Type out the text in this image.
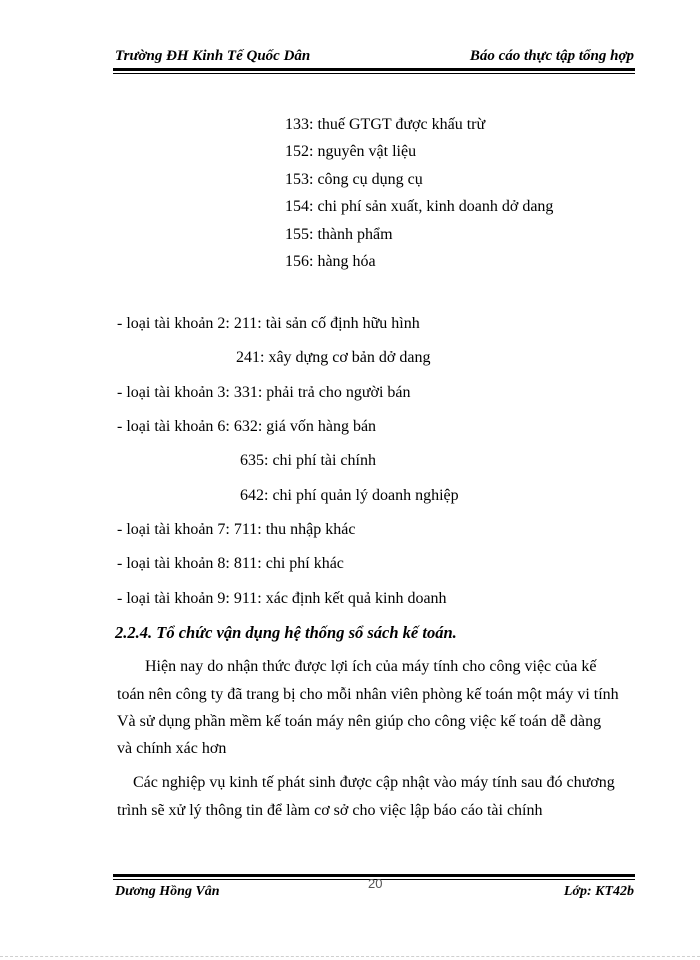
Trường ĐH Kinh Tế Quốc Dân	Báo cáo thực tập tổng hợp
133: thuế GTGT được khấu trừ
152: nguyên vật liệu
153: công cụ dụng cụ
154: chi phí sản xuất, kinh doanh dở dang
155: thành phẩm
156: hàng hóa
- loại tài khoản 2: 211: tài sản cố định hữu hình
241: xây dựng cơ bản dở dang
- loại tài khoản 3: 331: phải trả cho người bán
- loại tài khoản 6: 632: giá vốn hàng bán
635: chi phí tài chính
642: chi phí quản lý doanh nghiệp
- loại tài khoản 7: 711: thu nhập khác
- loại tài khoản 8: 811: chi phí khác
- loại tài khoản 9: 911: xác định kết quả kinh doanh
2.2.4. Tổ chức vận dụng hệ thống sổ sách kế toán.
Hiện nay do nhận thức được lợi ích của máy tính cho công việc của kế
toán nên công ty đã trang bị cho mỗi nhân viên phòng kế toán một máy vi tính
Và sử dụng phần mềm kế toán máy nên giúp cho công việc kế toán dễ dàng
và chính xác hơn
Các nghiệp vụ kinh tế phát sinh được cập nhật vào máy tính sau đó chương
trình sẽ xử lý thông tin để làm cơ sở cho việc lập báo cáo tài chính
20
Dương Hồng Vân	Lớp: KT42b
